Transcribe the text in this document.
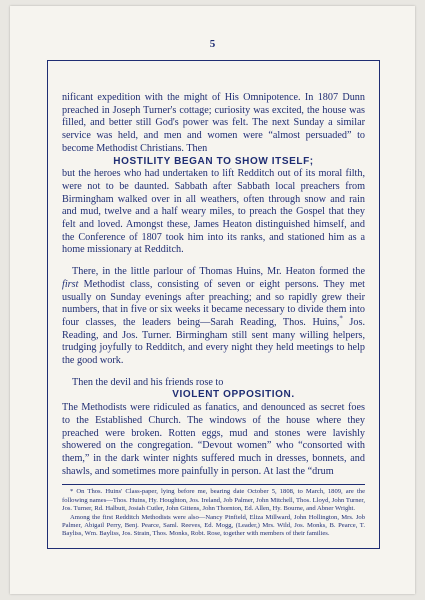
5

nificant expedition with the might of His Omnipotence. In 1807 Dunn preached in Joseph Turner's cottage; curiosity was excited, the house was filled, and better still God's power was felt. The next Sunday a similar service was held, and men and women were “almost persuaded” to become Methodist Christians. Then

HOSTILITY BEGAN TO SHOW ITSELF;

but the heroes who had undertaken to lift Redditch out of its moral filth, were not to be daunted. Sabbath after Sabbath local preachers from Birmingham walked over in all weathers, often through snow and rain and mud, twelve and a half weary miles, to preach the Gospel that they felt and loved. Amongst these, James Heaton distinguished himself, and the Conference of 1807 took him into its ranks, and stationed him as a home missionary at Redditch.

There, in the little parlour of Thomas Huins, Mr. Heaton formed the first Methodist class, consisting of seven or eight persons. They met usually on Sunday evenings after preaching; and so rapidly grew their numbers, that in five or six weeks it became necessary to divide them into four classes, the leaders being—Sarah Reading, Thos. Huins,* Jos. Reading, and Jos. Turner. Birmingham still sent many willing helpers, trudging joyfully to Redditch, and every night they held meetings to help the good work.

Then the devil and his friends rose to

VIOLENT OPPOSITION.

The Methodists were ridiculed as fanatics, and denounced as secret foes to the Established Church. The windows of the house where they preached were broken. Rotten eggs, mud and stones were lavishly showered on the congregation. “Devout women” who “consorted with them,” in the dark winter nights suffered much in dresses, bonnets, and shawls, and sometimes more painfully in person. At last the “drum

* On Thos. Huins' Class-paper, lying before me, bearing date October 5, 1808, to March, 1809, are the following names—Thos. Huins, Hy. Houghton, Jos. Ireland, Job Palmer, John Mitchell, Thos. Lloyd, John Turner, Jos. Turner, Rd. Halbutt, Josiah Cutler, John Gittens, John Thornton, Ed. Allen, Hy. Bourne, and Abner Wright.

Among the first Redditch Methodists were also—Nancy Pinfield, Eliza Millward, John Hollington, Mrs. Job Palmer, Abigail Perry, Benj. Pearce, Saml. Reeves, Ed. Mogg, (Leader,) Mrs. Wild, Jos. Monks, B. Pearce, T. Bayliss, Wm. Bayliss, Jos. Strain, Thos. Monks, Robt. Rose, together with members of their families.
